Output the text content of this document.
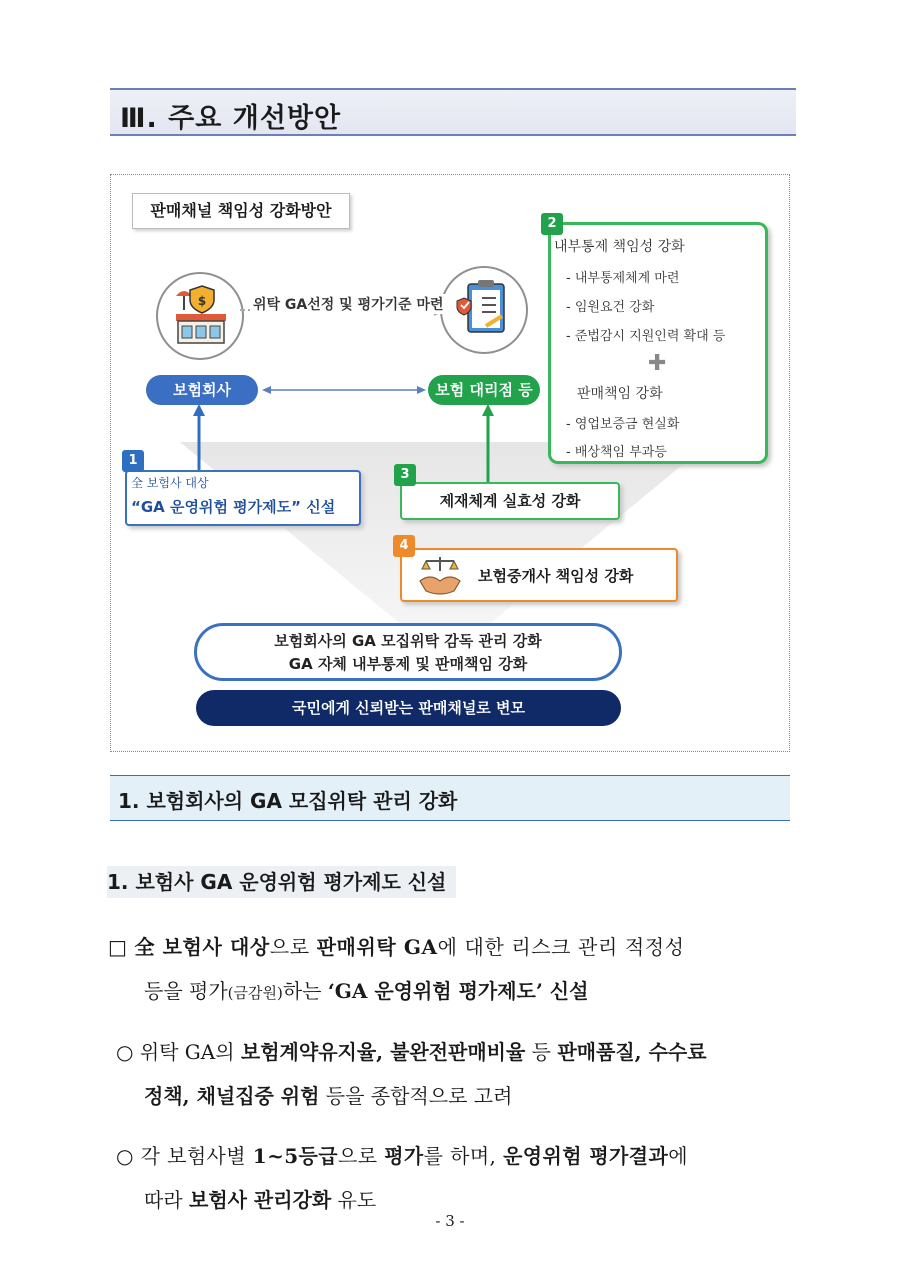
Ⅲ. 주요 개선방안
판매채널 책임성 강화방안
$	위탁 GA선정 및 평가기준 마련
보험회사	보험 대리점 등
2
내부통제 책임성 강화
- 내부통제체계 마련
- 임원요건 강화
- 준법감시 지원인력 확대 등
✚
판매책임 강화
- 영업보증금 현실화
- 배상책임 부과등
1
全 보험사 대상
“GA 운영위험 평가제도” 신설	제재체계 실효성 강화
3
4
보험중개사 책임성 강화
보험회사의 GA 모집위탁 감독 관리 강화
GA 자체 내부통제 및 판매책임 강화
국민에게 신뢰받는 판매채널로 변모
1. 보험회사의 GA 모집위탁 관리 강화
1. 보험사 GA 운영위험 평가제도 신설
□ 全 보험사 대상으로 판매위탁 GA에 대한 리스크 관리 적정성
등을 평가(금감원)하는 ‘GA 운영위험 평가제도’ 신설
○ 위탁 GA의 보험계약유지율, 불완전판매비율 등 판매품질, 수수료
정책, 채널집중 위험 등을 종합적으로 고려
○ 각 보험사별 1~5등급으로 평가를 하며, 운영위험 평가결과에
따라 보험사 관리강화 유도
- 3 -
